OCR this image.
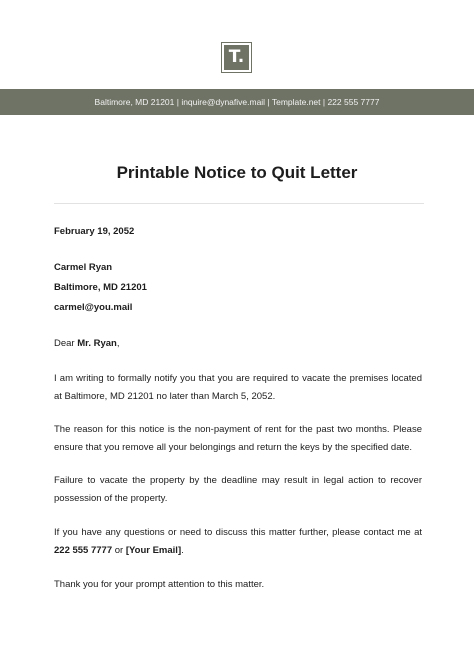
T.
Baltimore, MD 21201 | inquire@dynafive.mail | Template.net | 222 555 7777
Printable Notice to Quit Letter
February 19, 2052
Carmel Ryan
Baltimore, MD 21201
carmel@you.mail
Dear Mr. Ryan,
I am writing to formally notify you that you are required to vacate the premises located at Baltimore, MD 21201 no later than March 5, 2052.
The reason for this notice is the non-payment of rent for the past two months. Please ensure that you remove all your belongings and return the keys by the specified date.
Failure to vacate the property by the deadline may result in legal action to recover possession of the property.
If you have any questions or need to discuss this matter further, please contact me at 222 555 7777 or [Your Email].
Thank you for your prompt attention to this matter.
